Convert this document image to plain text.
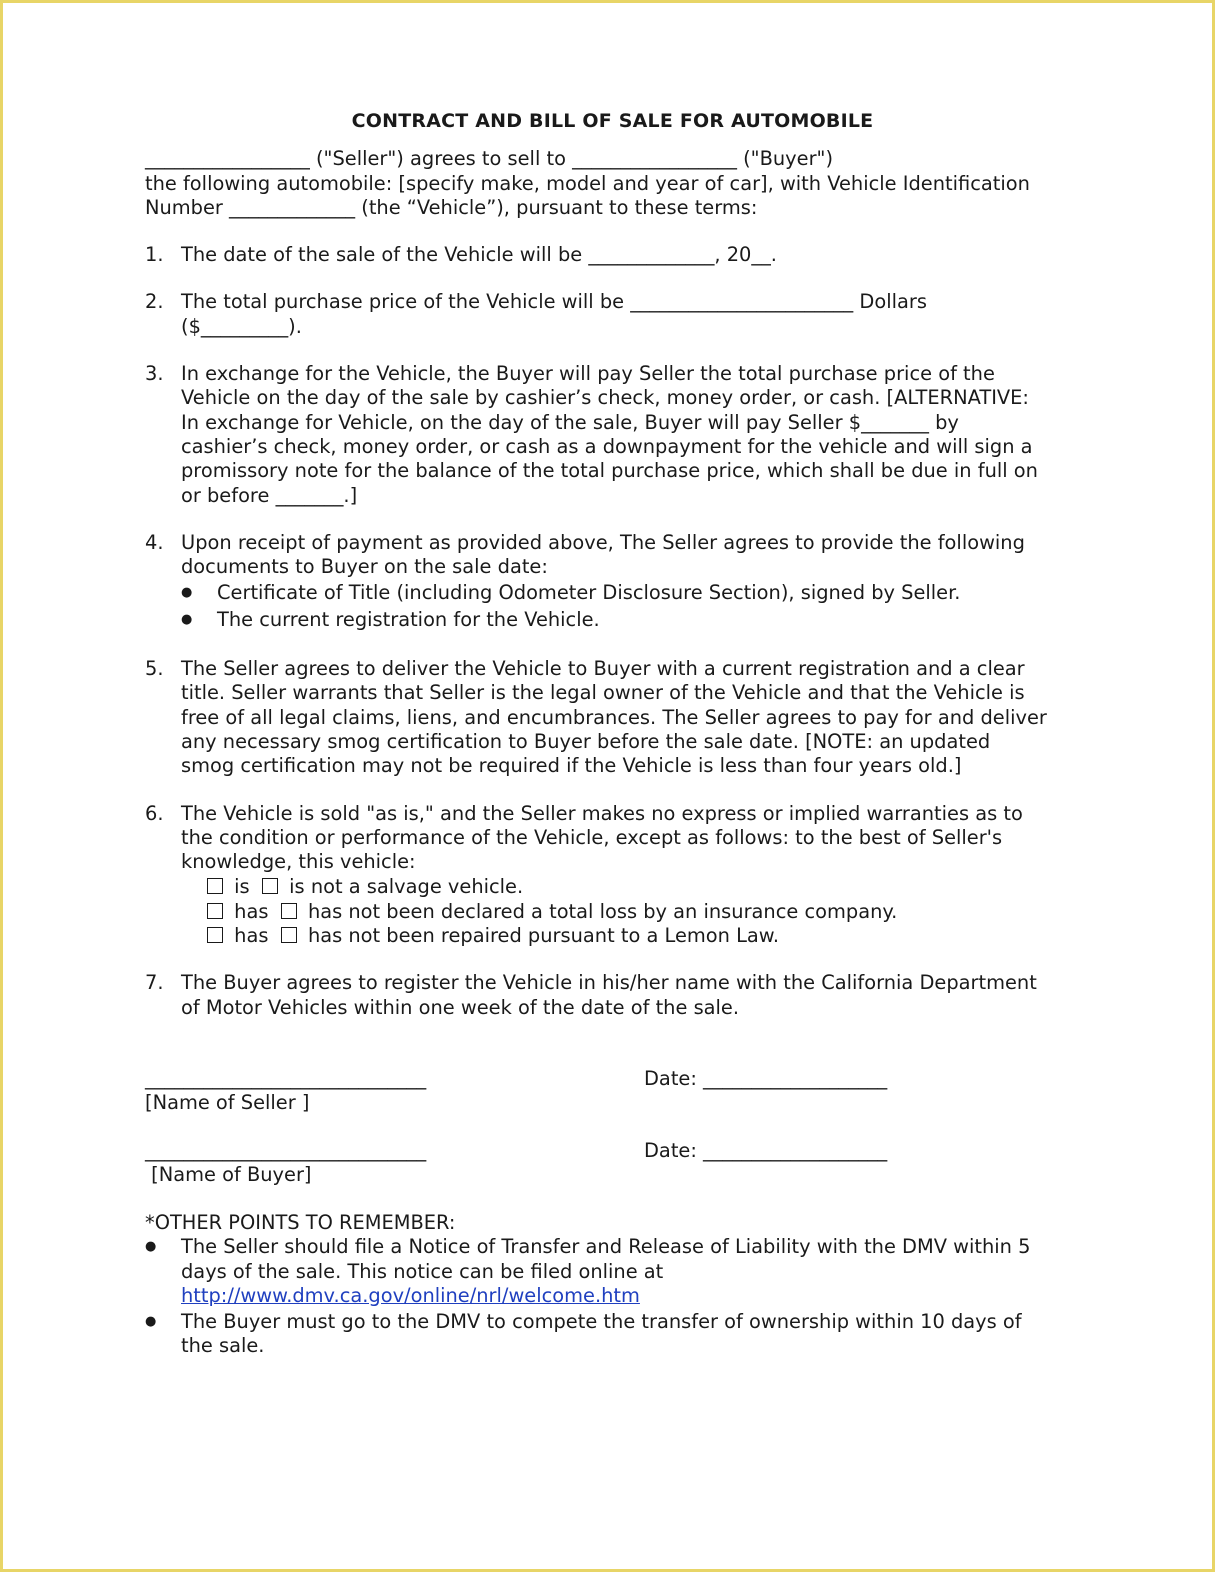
CONTRACT AND BILL OF SALE FOR AUTOMOBILE
_________________ ("Seller") agrees to sell to _________________ ("Buyer")
the following automobile: [specify make, model and year of car], with Vehicle Identification
Number _____________ (the “Vehicle”), pursuant to these terms:
1. The date of the sale of the Vehicle will be _____________, 20__.
2. The total purchase price of the Vehicle will be _______________________ Dollars
($_________).
3. In exchange for the Vehicle, the Buyer will pay Seller the total purchase price of the
Vehicle on the day of the sale by cashier’s check, money order, or cash. [ALTERNATIVE:
In exchange for Vehicle, on the day of the sale, Buyer will pay Seller $_______ by
cashier’s check, money order, or cash as a downpayment for the vehicle and will sign a
promissory note for the balance of the total purchase price, which shall be due in full on
or before _______.]
4. Upon receipt of payment as provided above, The Seller agrees to provide the following
documents to Buyer on the sale date:
●	Certificate of Title (including Odometer Disclosure Section), signed by Seller.
●	The current registration for the Vehicle.
5. The Seller agrees to deliver the Vehicle to Buyer with a current registration and a clear
title. Seller warrants that Seller is the legal owner of the Vehicle and that the Vehicle is
free of all legal claims, liens, and encumbrances. The Seller agrees to pay for and deliver
any necessary smog certification to Buyer before the sale date. [NOTE: an updated
smog certification may not be required if the Vehicle is less than four years old.]
6. The Vehicle is sold "as is," and the Seller makes no express or implied warranties as to
the condition or performance of the Vehicle, except as follows: to the best of Seller's
knowledge, this vehicle:
is is not a salvage vehicle.
has has not been declared a total loss by an insurance company.
has has not been repaired pursuant to a Lemon Law.
7. The Buyer agrees to register the Vehicle in his/her name with the California Department
of Motor Vehicles within one week of the date of the sale.
_____________________________
[Name of Seller ]
Date: ___________________
_____________________________
[Name of Buyer]
Date: ___________________
*OTHER POINTS TO REMEMBER:
●	The Seller should file a Notice of Transfer and Release of Liability with the DMV within 5
days of the sale. This notice can be filed online at
http://www.dmv.ca.gov/online/nrl/welcome.htm
●	The Buyer must go to the DMV to compete the transfer of ownership within 10 days of
the sale.
